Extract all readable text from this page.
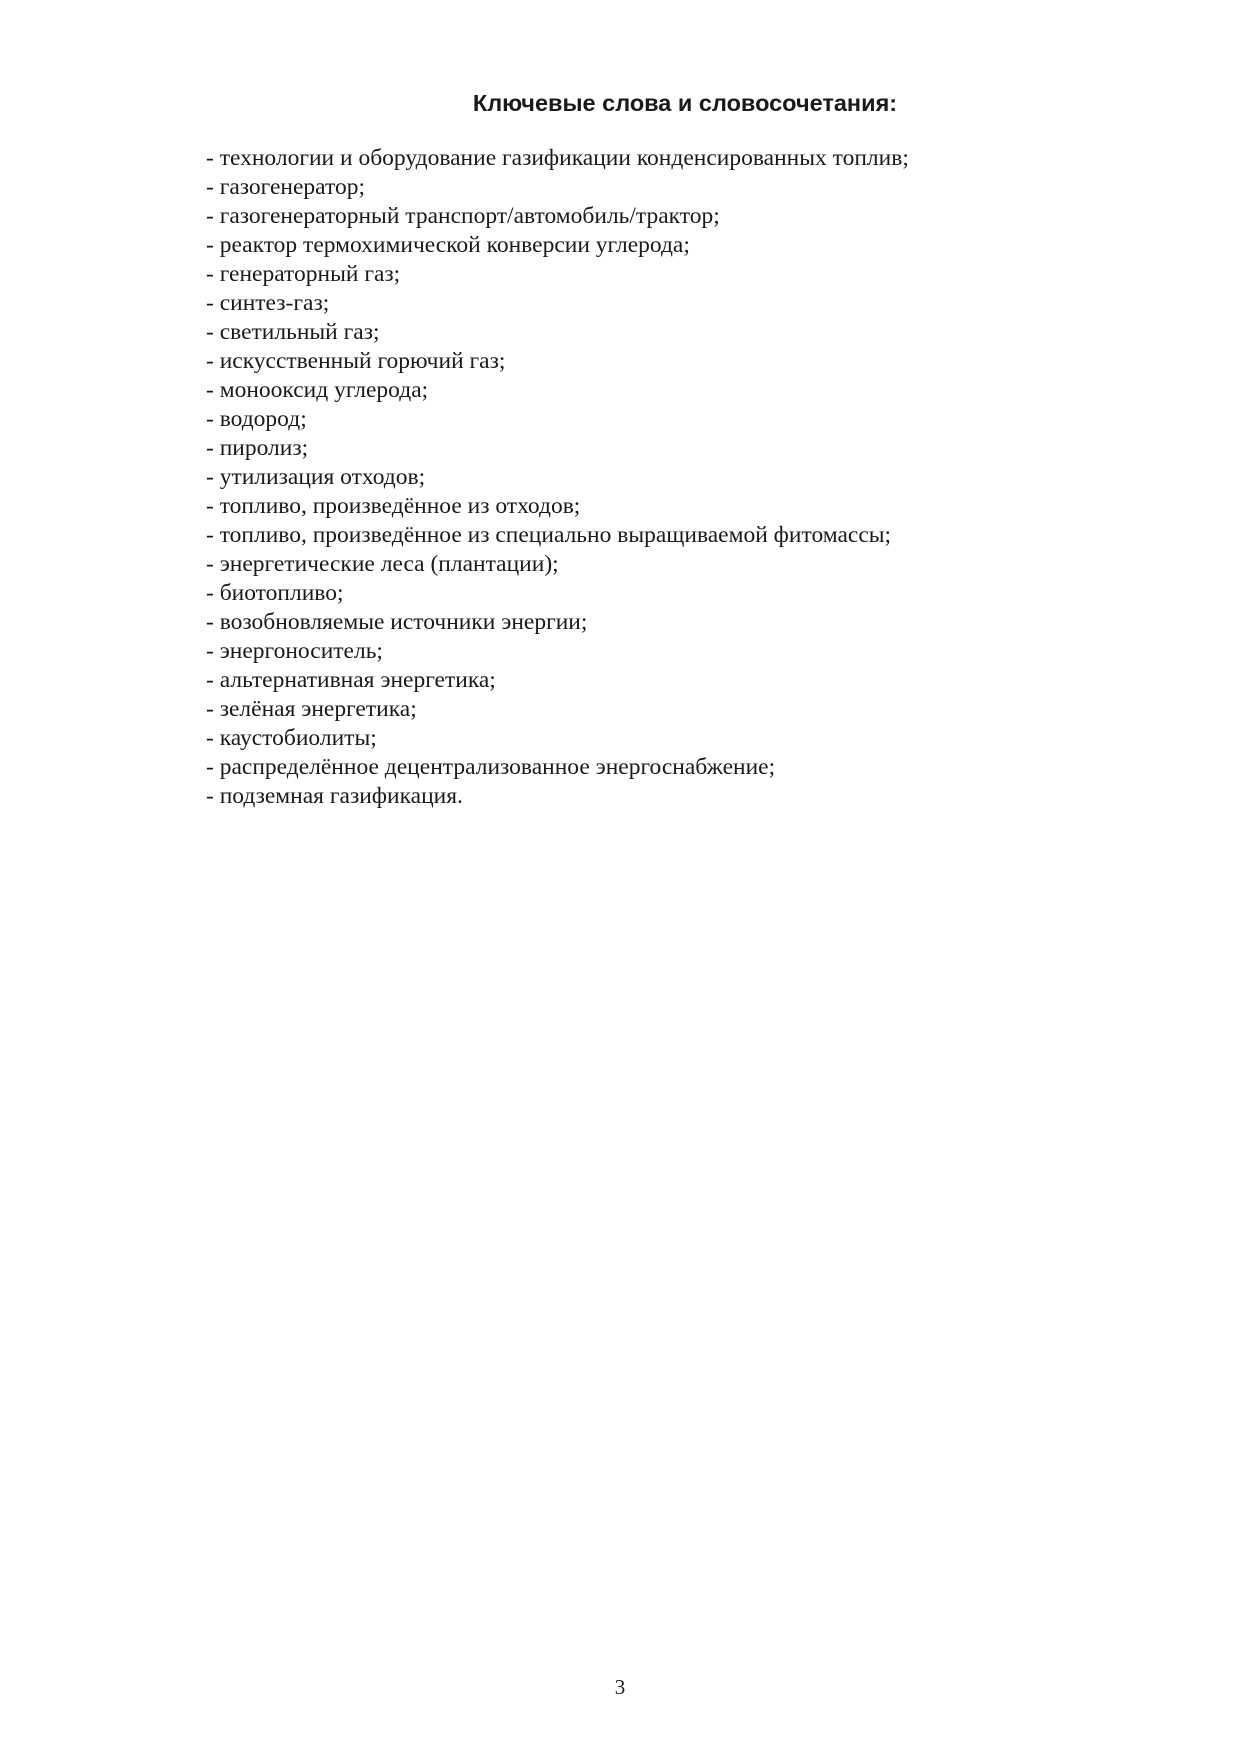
Ключевые слова и словосочетания:
- технологии и оборудование газификации конденсированных топлив;
- газогенератор;
- газогенераторный транспорт/автомобиль/трактор;
- реактор термохимической конверсии углерода;
- генераторный газ;
- синтез-газ;
- светильный газ;
- искусственный горючий газ;
- монооксид углерода;
- водород;
- пиролиз;
- утилизация отходов;
- топливо, произведённое из отходов;
- топливо, произведённое из специально выращиваемой фитомассы;
- энергетические леса (плантации);
- биотопливо;
- возобновляемые источники энергии;
- энергоноситель;
- альтернативная энергетика;
- зелёная энергетика;
- каустобиолиты;
- распределённое децентрализованное энергоснабжение;
- подземная газификация.
3
